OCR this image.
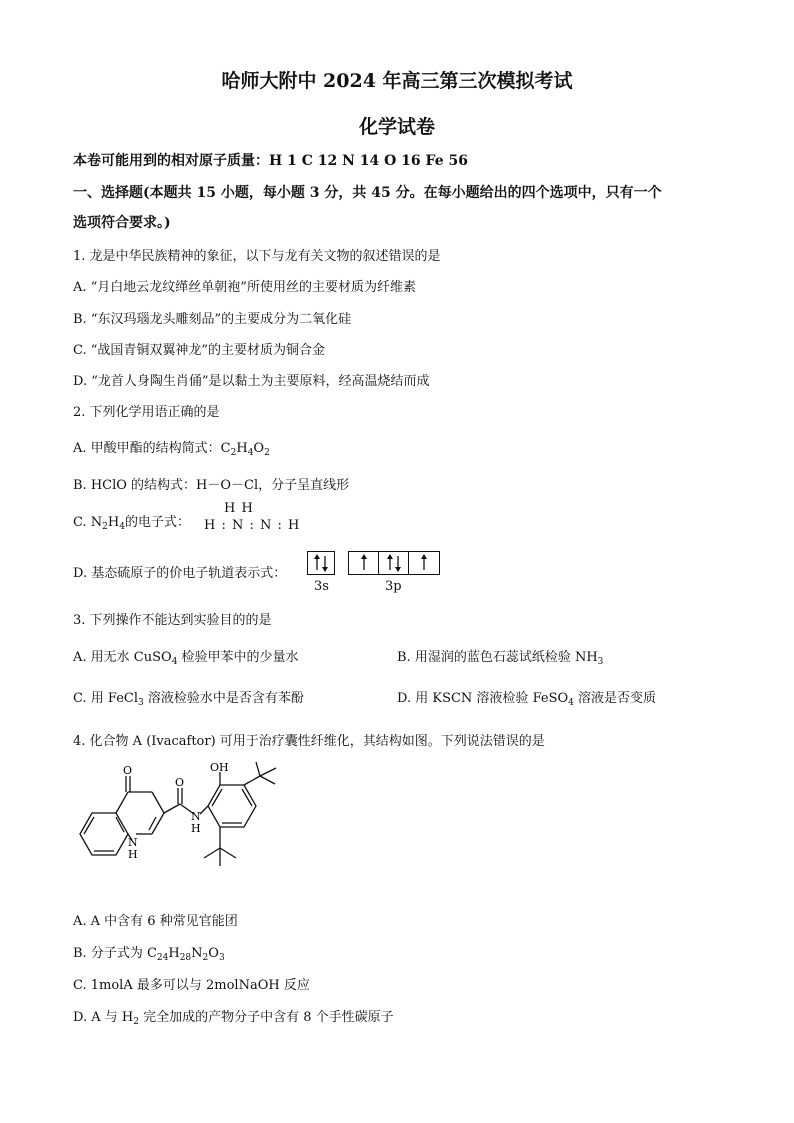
哈师大附中 2024 年高三第三次模拟考试
化学试卷
本卷可能用到的相对原子质量：H 1 C 12 N 14 O 16 Fe 56
一、选择题(本题共 15 小题，每小题 3 分，共 45 分。在每小题给出的四个选项中，只有一个
选项符合要求。)
1. 龙是中华民族精神的象征，以下与龙有关文物的叙述错误的是
A. “月白地云龙纹缂丝单朝袍”所使用丝的主要材质为纤维素
B. “东汉玛瑙龙头雕刻品”的主要成分为二氧化硅
C. “战国青铜双翼神龙”的主要材质为铜合金
D. “龙首人身陶生肖俑”是以黏土为主要原料，经高温烧结而成
2. 下列化学用语正确的是
A. 甲酸甲酯的结构简式：$C_2H_4O_2$
B. HClO 的结构式：H－O－Cl，分子呈直线形
C. $N_2H_4$的电子式：
H H
H : N : N : H
D. 基态硫原子的价电子轨道表示式：
3s	3p
3. 下列操作不能达到实验目的的是
A. 用无水 CuSO$_4$ 检验甲苯中的少量水	B. 用湿润的蓝色石蕊试纸检验 $NH_3$
C. 用 FeCl$_3$ 溶液检验水中是否含有苯酚	D. 用 KSCN 溶液检验 FeSO$_4$ 溶液是否变质
4. 化合物 A (Ivacaftor) 可用于治疗囊性纤维化，其结构如图。下列说法错误的是
OH
O
O
N
H
N
H
A. A 中含有 6 种常见官能团
B. 分子式为 $C_{24}H_{28}N_2O_3$
C. 1molA 最多可以与 2molNaOH 反应
D. A 与 $H_2$ 完全加成的产物分子中含有 8 个手性碳原子
